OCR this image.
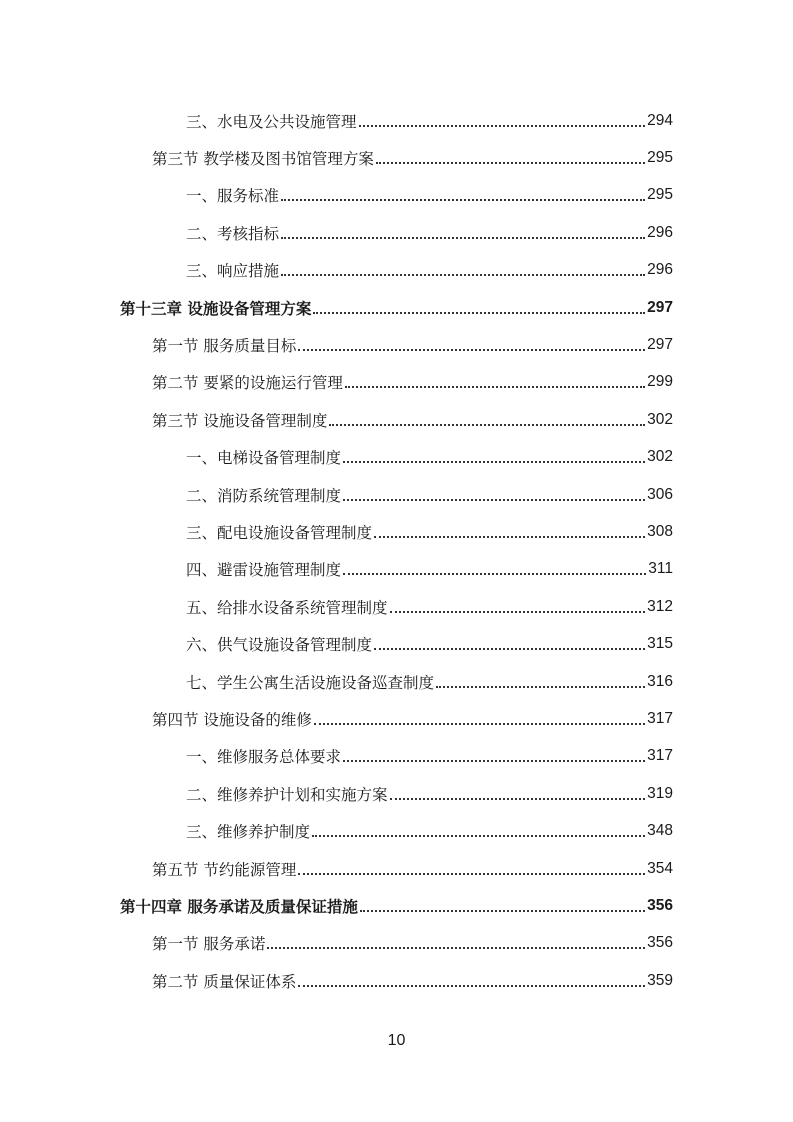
三、水电及公共设施管理	294
第三节 教学楼及图书馆管理方案	295
一、服务标准	295
二、考核指标	296
三、响应措施	296
第十三章 设施设备管理方案	297
第一节 服务质量目标	297
第二节 要紧的设施运行管理	299
第三节 设施设备管理制度	302
一、电梯设备管理制度	302
二、消防系统管理制度	306
三、配电设施设备管理制度	308
四、避雷设施管理制度	311
五、给排水设备系统管理制度	312
六、供气设施设备管理制度	315
七、学生公寓生活设施设备巡查制度	316
第四节 设施设备的维修	317
一、维修服务总体要求	317
二、维修养护计划和实施方案	319
三、维修养护制度	348
第五节 节约能源管理	354
第十四章 服务承诺及质量保证措施	356
第一节 服务承诺	356
第二节 质量保证体系	359
10
